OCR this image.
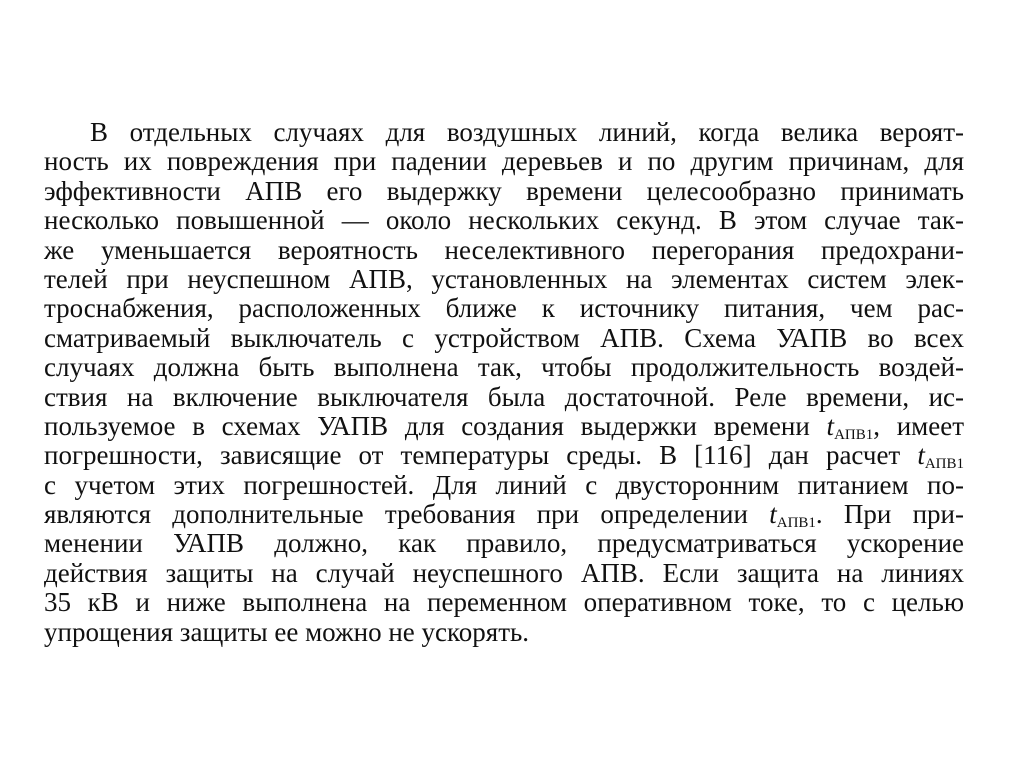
В отдельных случаях для воздушных линий, когда велика вероят-
ность их повреждения при падении деревьев и по другим причинам, для
эффективности АПВ его выдержку времени целесообразно принимать
несколько повышенной — около нескольких секунд. В этом случае так-
же уменьшается вероятность неселективного перегорания предохрани-
телей при неуспешном АПВ, установленных на элементах систем элек-
троснабжения, расположенных ближе к источнику питания, чем рас-
сматриваемый выключатель с устройством АПВ. Схема УАПВ во всех
случаях должна быть выполнена так, чтобы продолжительность воздей-
ствия на включение выключателя была достаточной. Реле времени, ис-
пользуемое в схемах УАПВ для создания выдержки времени $t_{АПВ1}$, имеет
погрешности, зависящие от температуры среды. В [116] дан расчет $t_{АПВ1}$
с учетом этих погрешностей. Для линий с двусторонним питанием по-
являются дополнительные требования при определении $t_{АПВ1}$. При при-
менении УАПВ должно, как правило, предусматриваться ускорение
действия защиты на случай неуспешного АПВ. Если защита на линиях
35 кВ и ниже выполнена на переменном оперативном токе, то с целью
упрощения защиты ее можно не ускорять.
